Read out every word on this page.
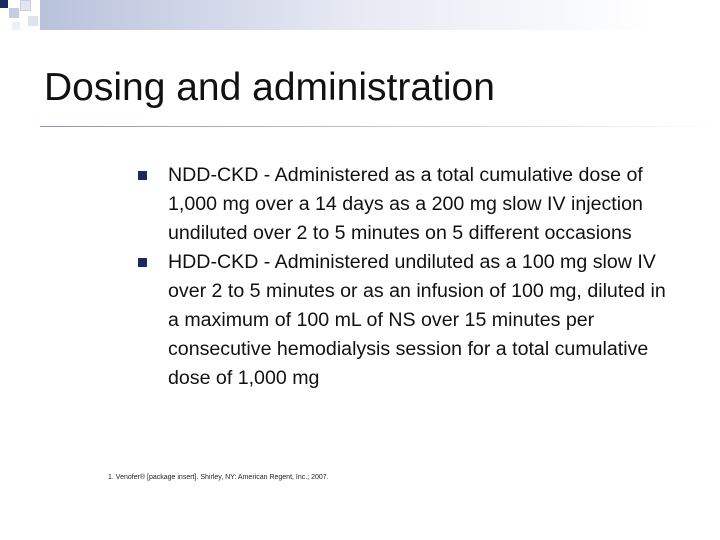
Dosing and administration
NDD-CKD - Administered as a total cumulative dose of 1,000 mg over a 14 days as a 200 mg slow IV injection undiluted over 2 to 5 minutes on 5 different occasions
HDD-CKD - Administered undiluted as a 100 mg slow IV over 2 to 5 minutes or as an infusion of 100 mg, diluted in a maximum of 100 mL of NS over 15 minutes per consecutive hemodialysis session for a total cumulative dose of 1,000 mg
1. Venofer® [package insert]. Shirley, NY: American Regent, Inc.; 2007.
